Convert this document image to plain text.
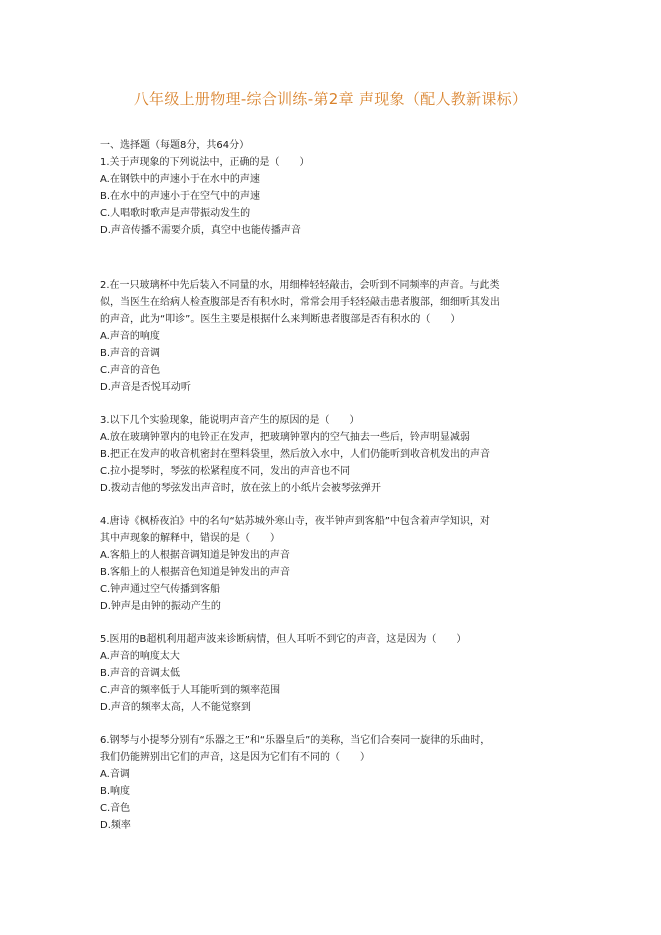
八年级上册物理-综合训练-第2章 声现象（配人教新课标）
一、选择题（每题8分，共64分）
1.关于声现象的下列说法中，正确的是（　　）
A.在钢铁中的声速小于在水中的声速
B.在水中的声速小于在空气中的声速
C.人唱歌时歌声是声带振动发生的
D.声音传播不需要介质，真空中也能传播声音
2.在一只玻璃杯中先后装入不同量的水，用细棒轻轻敲击，会听到不同频率的声音。与此类
似，当医生在给病人检查腹部是否有积水时，常常会用手轻轻敲击患者腹部，细细听其发出
的声音，此为“叩诊”。医生主要是根据什么来判断患者腹部是否有积水的（　　）
A.声音的响度
B.声音的音调
C.声音的音色
D.声音是否悦耳动听
3.以下几个实验现象，能说明声音产生的原因的是（　　）
A.放在玻璃钟罩内的电铃正在发声，把玻璃钟罩内的空气抽去一些后，铃声明显减弱
B.把正在发声的收音机密封在塑料袋里，然后放入水中，人们仍能听到收音机发出的声音
C.拉小提琴时，琴弦的松紧程度不同，发出的声音也不同
D.拨动吉他的琴弦发出声音时，放在弦上的小纸片会被琴弦弹开
4.唐诗《枫桥夜泊》中的名句“姑苏城外寒山寺，夜半钟声到客船”中包含着声学知识，对
其中声现象的解释中，错误的是（　　）
A.客船上的人根据音调知道是钟发出的声音
B.客船上的人根据音色知道是钟发出的声音
C.钟声通过空气传播到客船
D.钟声是由钟的振动产生的
5.医用的B超机利用超声波来诊断病情，但人耳听不到它的声音，这是因为（　　）
A.声音的响度太大
B.声音的音调太低
C.声音的频率低于人耳能听到的频率范围
D.声音的频率太高，人不能觉察到
6.钢琴与小提琴分别有“乐器之王”和“乐器皇后”的美称，当它们合奏同一旋律的乐曲时，
我们仍能辨别出它们的声音，这是因为它们有不同的（　　）
A.音调
B.响度
C.音色
D.频率
